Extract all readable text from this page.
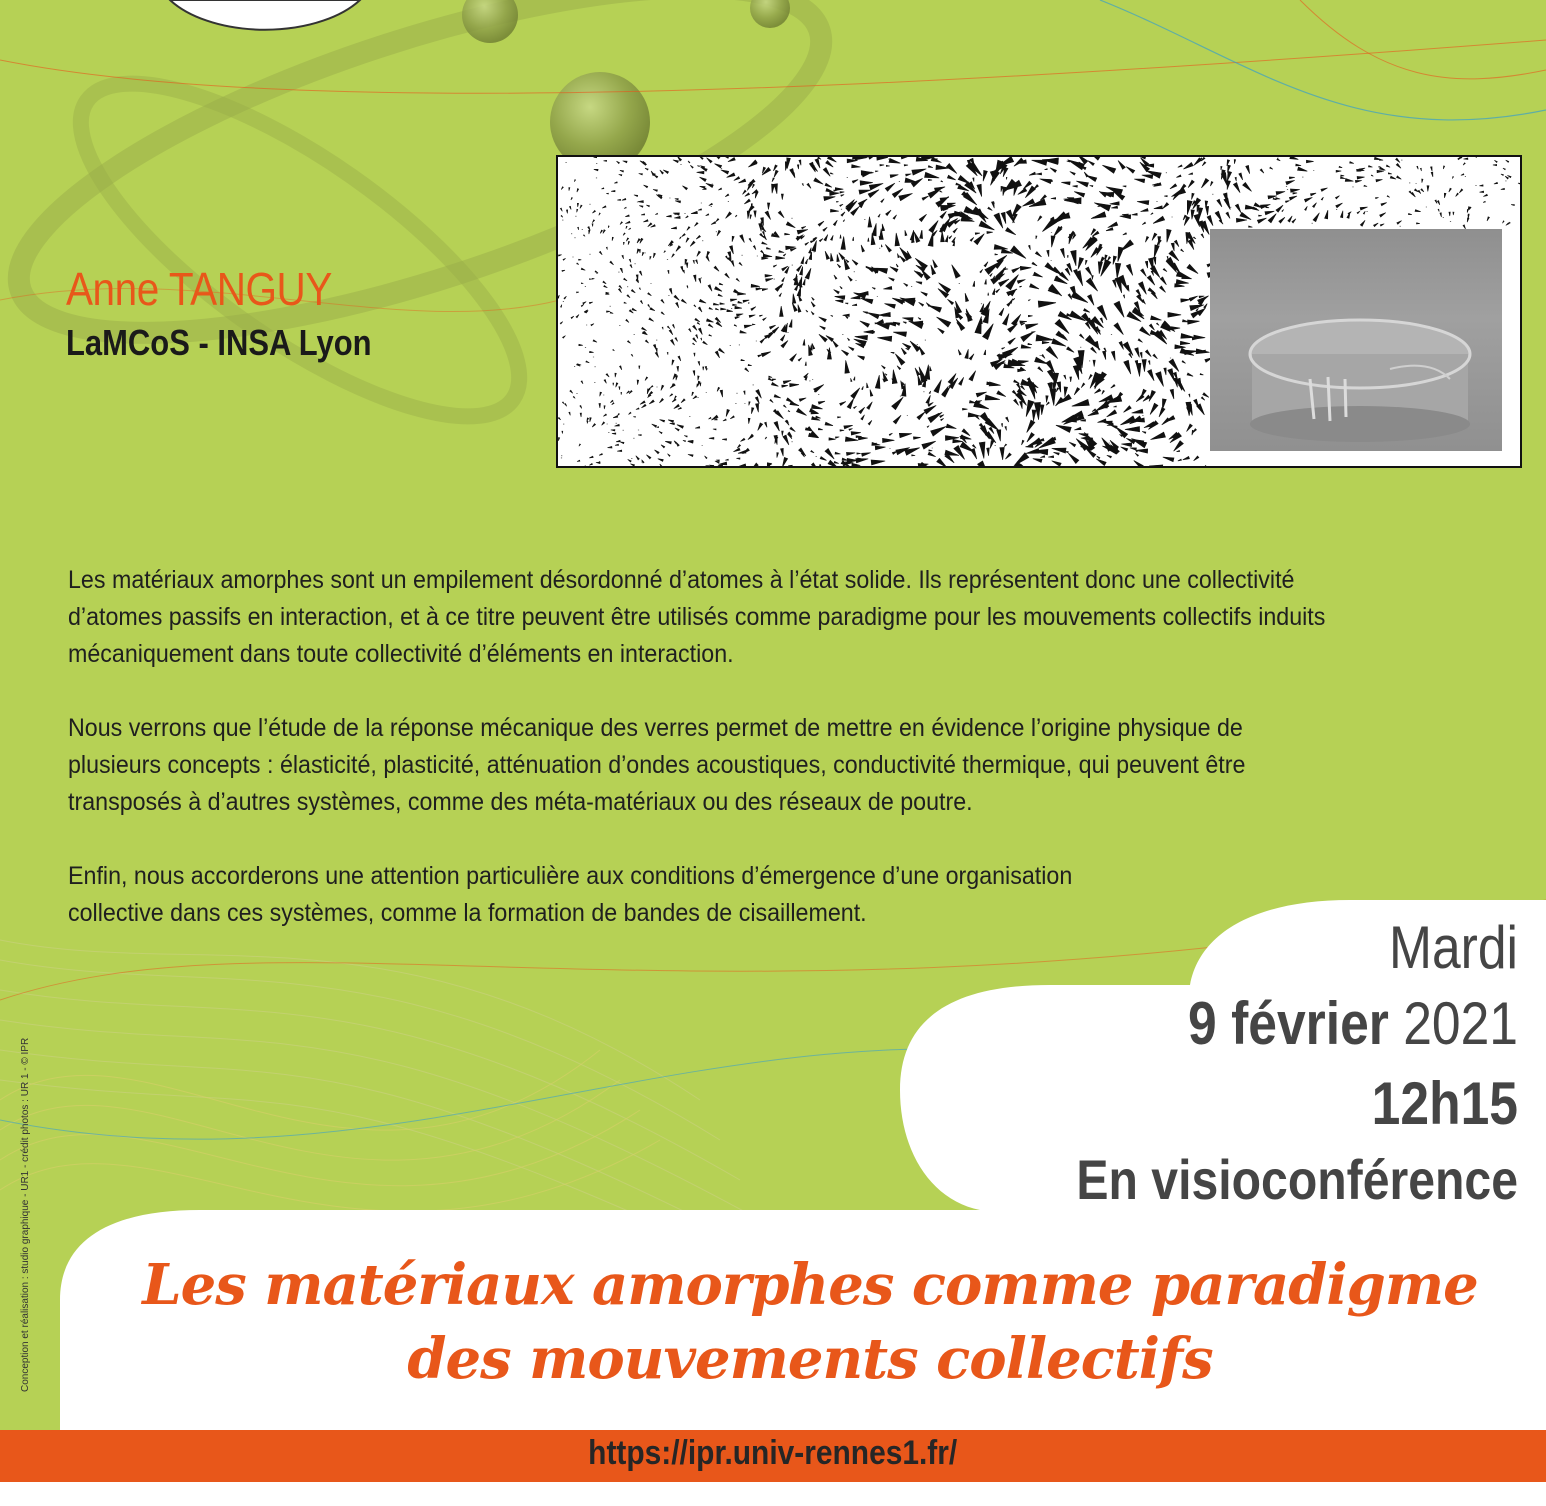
Anne TANGUY
LaMCoS - INSA Lyon

Les matériaux amorphes sont un empilement désordonné d’atomes à l’état solide. Ils représentent donc une collectivité d’atomes passifs en interaction, et à ce titre peuvent être utilisés comme paradigme pour les mouvements collectifs induits mécaniquement dans toute collectivité d’éléments en interaction.

Nous verrons que l’étude de la réponse mécanique des verres permet de mettre en évidence l’origine physique de plusieurs concepts : élasticité, plasticité, atténuation d’ondes acoustiques, conductivité thermique, qui peuvent être transposés à d’autres systèmes, comme des méta-matériaux ou des réseaux de poutre.

Enfin, nous accorderons une attention particulière aux conditions d’émergence d’une organisation collective dans ces systèmes, comme la formation de bandes de cisaillement.

Mardi
9 février 2021
12h15
En visioconférence
Les matériaux amorphes comme paradigme
des mouvements collectifs
https://ipr.univ-rennes1.fr/
Conception et réalisation : studio graphique - UR1 - crédit photos : UR 1 - © IPR
